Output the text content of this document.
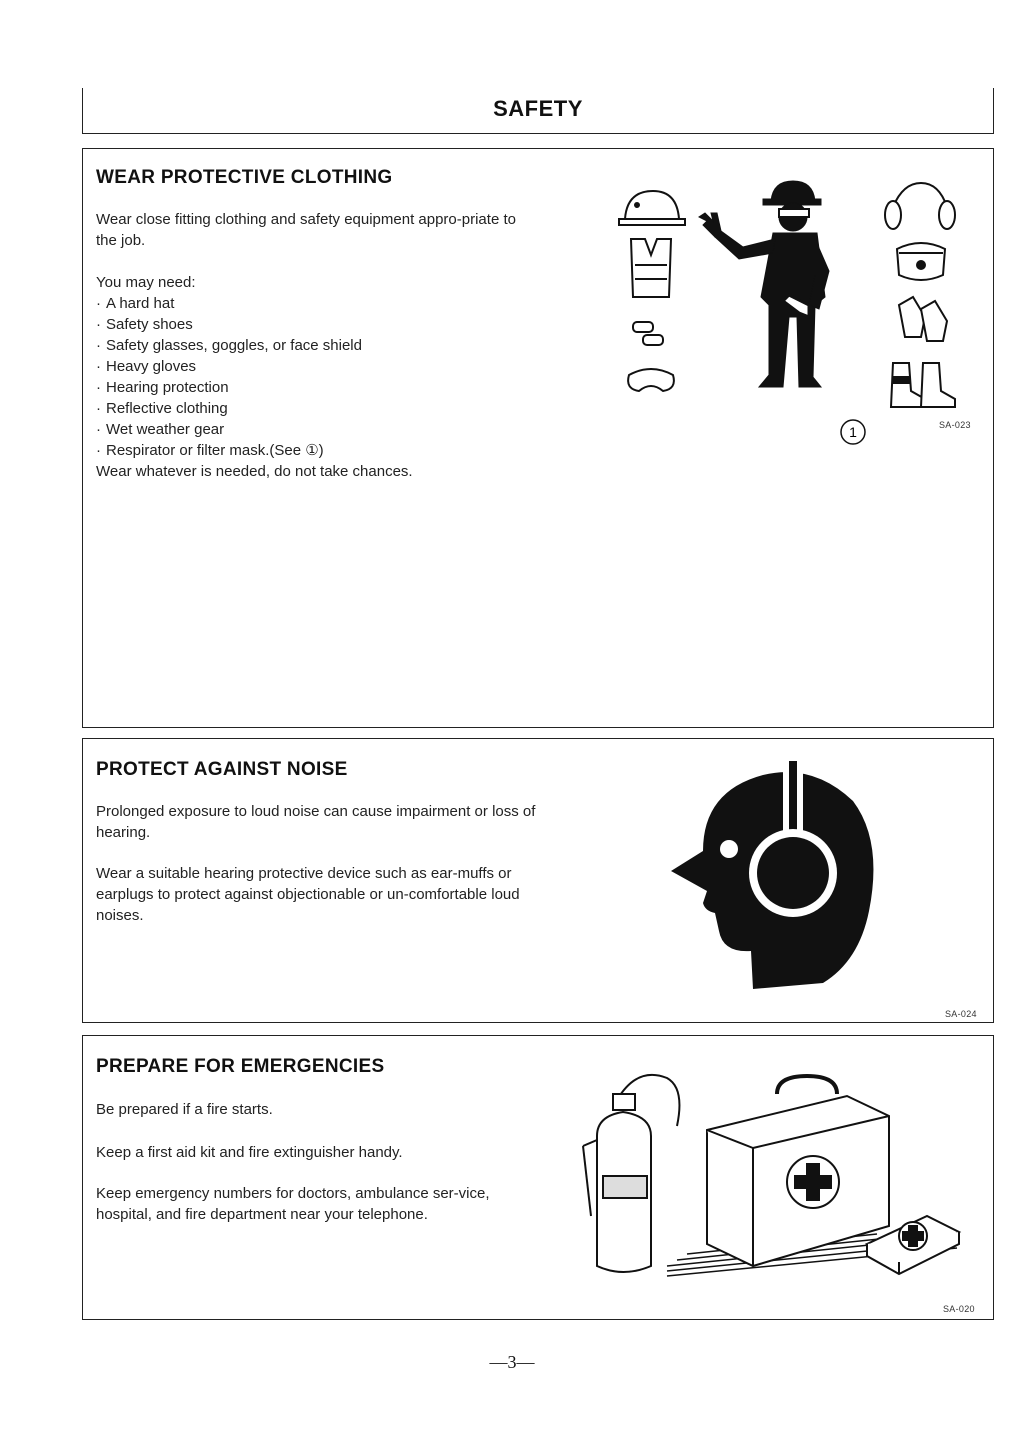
SAFETY
WEAR PROTECTIVE CLOTHING
Wear close fitting clothing and safety equipment appro-priate to the job.
You may need:
· A hard hat
· Safety shoes
· Safety glasses, goggles, or face shield
· Heavy gloves
· Hearing protection
· Reflective clothing
· Wet weather gear
· Respirator or filter mask.(See ①)
Wear whatever is needed, do not take chances.
1	SA-023
PROTECT AGAINST NOISE
Prolonged exposure to loud noise can cause impairment or loss of hearing.
Wear a suitable hearing protective device such as ear-muffs or earplugs to protect against objectionable or un-comfortable loud noises.
SA-024
PREPARE FOR EMERGENCIES
Be prepared if a fire starts.
Keep a first aid kit and fire extinguisher handy.
Keep emergency numbers for doctors, ambulance ser-vice, hospital, and fire department near your telephone.
SA-020
—3—
